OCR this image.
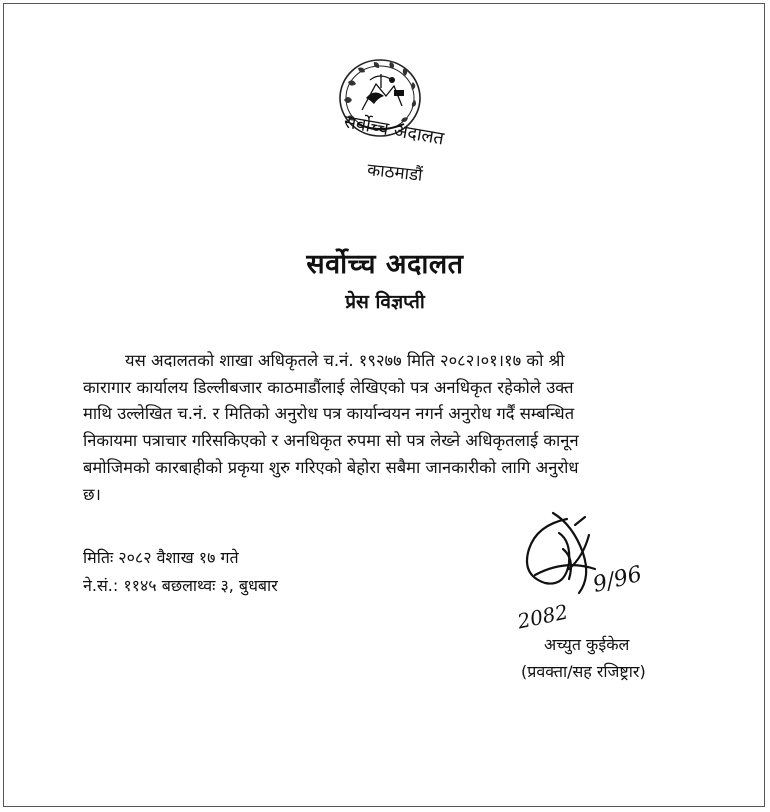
सर्वोच्च अदालत
काठमाडौं
सर्वोच्च अदालत
प्रेस विज्ञप्ती
यस अदालतको शाखा अधिकृतले च.नं. १९२७७ मिति २०८२।०१।१७ को श्री
कारागार कार्यालय डिल्लीबजार काठमाडौंलाई लेखिएको पत्र अनधिकृत रहेकोले उक्त
माथि उल्लेखित च.नं. र मितिको अनुरोध पत्र कार्यान्वयन नगर्न अनुरोध गर्दैं सम्बन्धित
निकायमा पत्राचार गरिसकिएको र अनधिकृत रुपमा सो पत्र लेख्ने अधिकृतलाई कानून
बमोजिमको कारबाहीको प्रकृया शुरु गरिएको बेहोरा सबैमा जानकारीको लागि अनुरोध
छ।
मितिः २०८२ वैशाख १७ गते
ने.सं.: ११४५ बछलाथ्वः ३, बुधबार
2082
9/96
अच्युत कुईकेल
(प्रवक्ता/सह रजिष्ट्रार)
